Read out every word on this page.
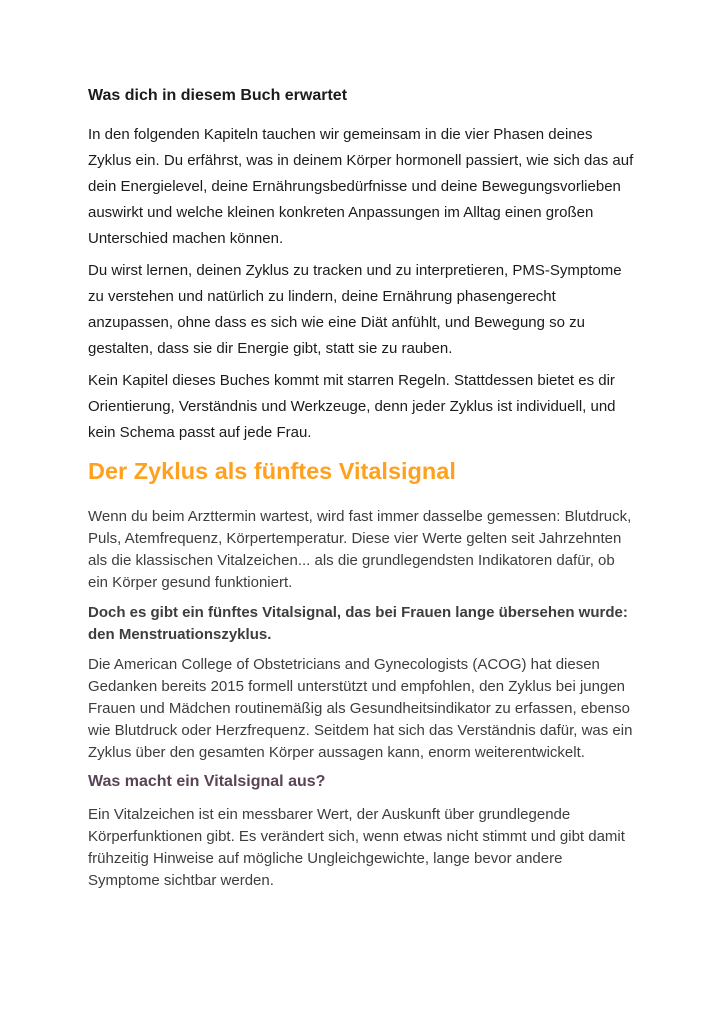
Was dich in diesem Buch erwartet

In den folgenden Kapiteln tauchen wir gemeinsam in die vier Phasen deines Zyklus ein. Du erfährst, was in deinem Körper hormonell passiert, wie sich das auf dein Energielevel, deine Ernährungsbedürfnisse und deine Bewegungsvorlieben auswirkt und welche kleinen konkreten Anpassungen im Alltag einen großen Unterschied machen können.

Du wirst lernen, deinen Zyklus zu tracken und zu interpretieren, PMS-Symptome zu verstehen und natürlich zu lindern, deine Ernährung phasengerecht anzupassen, ohne dass es sich wie eine Diät anfühlt, und Bewegung so zu gestalten, dass sie dir Energie gibt, statt sie zu rauben.

Kein Kapitel dieses Buches kommt mit starren Regeln. Stattdessen bietet es dir Orientierung, Verständnis und Werkzeuge, denn jeder Zyklus ist individuell, und kein Schema passt auf jede Frau.

Der Zyklus als fünftes Vitalsignal

Wenn du beim Arzttermin wartest, wird fast immer dasselbe gemessen: Blutdruck, Puls, Atemfrequenz, Körpertemperatur. Diese vier Werte gelten seit Jahrzehnten als die klassischen Vitalzeichen... als die grundlegendsten Indikatoren dafür, ob ein Körper gesund funktioniert.

Doch es gibt ein fünftes Vitalsignal, das bei Frauen lange übersehen wurde: den Menstruationszyklus.

Die American College of Obstetricians and Gynecologists (ACOG) hat diesen Gedanken bereits 2015 formell unterstützt und empfohlen, den Zyklus bei jungen Frauen und Mädchen routinemäßig als Gesundheitsindikator zu erfassen, ebenso wie Blutdruck oder Herzfrequenz. Seitdem hat sich das Verständnis dafür, was ein Zyklus über den gesamten Körper aussagen kann, enorm weiterentwickelt.

Was macht ein Vitalsignal aus?

Ein Vitalzeichen ist ein messbarer Wert, der Auskunft über grundlegende Körperfunktionen gibt. Es verändert sich, wenn etwas nicht stimmt und gibt damit frühzeitig Hinweise auf mögliche Ungleichgewichte, lange bevor andere Symptome sichtbar werden.
